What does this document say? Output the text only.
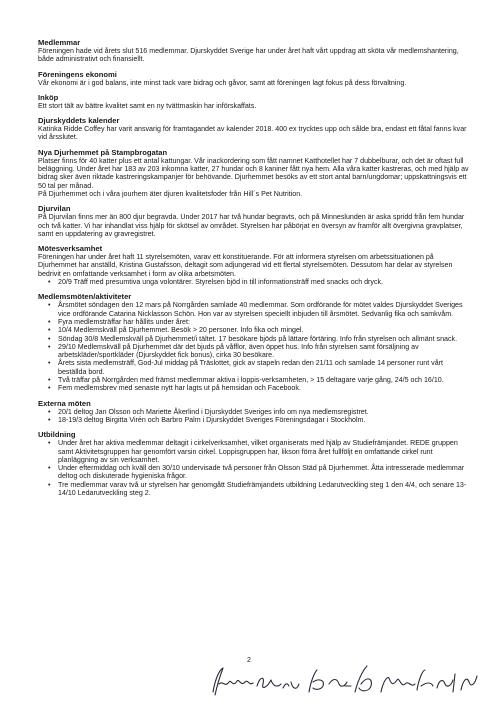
Medlemmar

Föreningen hade vid årets slut 516 medlemmar. Djurskyddet Sverige har under året haft vårt uppdrag att sköta vår medlemshantering, både administrativt och finansiellt.

Föreningens ekonomi

Vår ekonomi är i god balans, inte minst tack vare bidrag och gåvor, samt att föreningen lagt fokus på dess förvaltning.

Inköp

Ett stort tält av bättre kvalitet samt en ny tvättmaskin har införskaffats.

Djurskyddets kalender

Katinka Ridde Coffey har varit ansvarig för framtagandet av kalender 2018. 400 ex trycktes upp och sålde bra, endast ett fåtal fanns kvar vid årsslutet.

Nya Djurhemmet på Stampbrogatan

Platser finns för 40 katter plus ett antal kattungar. Vår inackordering som fått namnet Katthotellet har 7 dubbelburar, och det är oftast full beläggning. Under året har 183 av 203 inkomna katter, 27 hundar och 8 kaniner fått nya hem. Alla våra katter kastreras, och med hjälp av bidrag sker även riktade kastreringskampanjer för behövande. Djurhemmet besöks av ett stort antal barn/ungdomar; uppskattningsvis ett 50 tal per månad.

På Djurhemmet och i våra jourhem äter djuren kvalitetsfoder från Hill´s Pet Nutrition.

Djurvilan

På Djurvilan finns mer än 800 djur begravda. Under 2017 har två hundar begravts, och på Minneslunden är aska spridd från fem hundar och två katter. Vi har inhandlat viss hjälp för skötsel av området. Styrelsen har påbörjat en översyn av framför allt övergivna gravplatser, samt en uppdatering av gravregistret.

Mötesverksamhet

Föreningen har under året haft 11 styrelsemöten, varav ett konstituerande. För att informera styrelsen om arbetssituationen på Djurhemmet har anställd, Kristina Gustafsson, deltagit som adjungerad vid ett flertal styrelsemöten. Dessutom har delar av styrelsen bedrivit en omfattande verksamhet i form av olika arbetsmöten.

• 20/9 Träff med presumtiva unga volontärer. Styrelsen bjöd in till informationsträff med snacks och dryck.
Medlemsmöten/aktiviteter
• Årsmötet söndagen den 12 mars på Norrgården samlade 40 medlemmar. Som ordförande för mötet valdes Djurskyddet Sveriges vice ordförande Catarina Nicklasson Schön. Hon var av styrelsen speciellt inbjuden till årsmötet. Sedvanlig fika och samkvåm.
• Fyra medlemsträffar har hållits under året:
• 10/4 Medlemskväll på Djurhemmet. Besök > 20 personer. Info fika och mingel.
• Söndag 30/8 Medlemskväll på Djurhemmet/i tältet. 17 besökare bjöds på lättare förtäring. Info från styrelsen och allmänt snack.
• 29/10 Medlemskväll på Djurhemmet där det bjuds på våfflor, även öppet hus. Info från styrelsen samt försäljning av arbetskläder/sportkläder (Djurskyddet fick bonus), cirka 30 besökare.
• Årets sista medlemsträff, God-Jul middag på Träslottet, gick av stapeln redan den 21/11 och samlade 14 personer runt vårt beställda bord.
• Två träffar på Norrgården med främst medlemmar aktiva i loppis-verksamheten, > 15 deltagare varje gång, 24/5 och 16/10.
• Fem medlemsbrev med senaste nytt har lagts ut på hemsidan och Facebook.
Externa möten
• 20/1 deltog Jan Olsson och Mariette Åkerlind i Djurskyddet Sveriges info om nya medlemsregistret.
• 18-19/3 deltog Birgitta Virén och Barbro Palm i Djurskyddet Sveriges Föreningsdagar i Stockholm.
Utbildning
• Under året har aktiva medlemmar deltagit i cirkelverksamhet, vilket organiserats med hjälp av Studiefrämjandet. REDE gruppen samt Aktivitetsgruppen har genomfört varsin cirkel. Loppisgruppen har, likson förra året fullföljt en omfattande cirkel runt planläggning av sin verksamhet.
• Under eftermiddag och kväll den 30/10 undervisade två personer från Olsson Städ på Djurhemmet. Åtta intresserade medlemmar deltog och diskuterade hygieniska frågor.
• Tre medlemmar varav två ur styrelsen har genomgått Studiefrämjandets utbildning Ledarutveckling steg 1 den 4/4, och senare 13-14/10 Ledarutveckling steg 2.
2
